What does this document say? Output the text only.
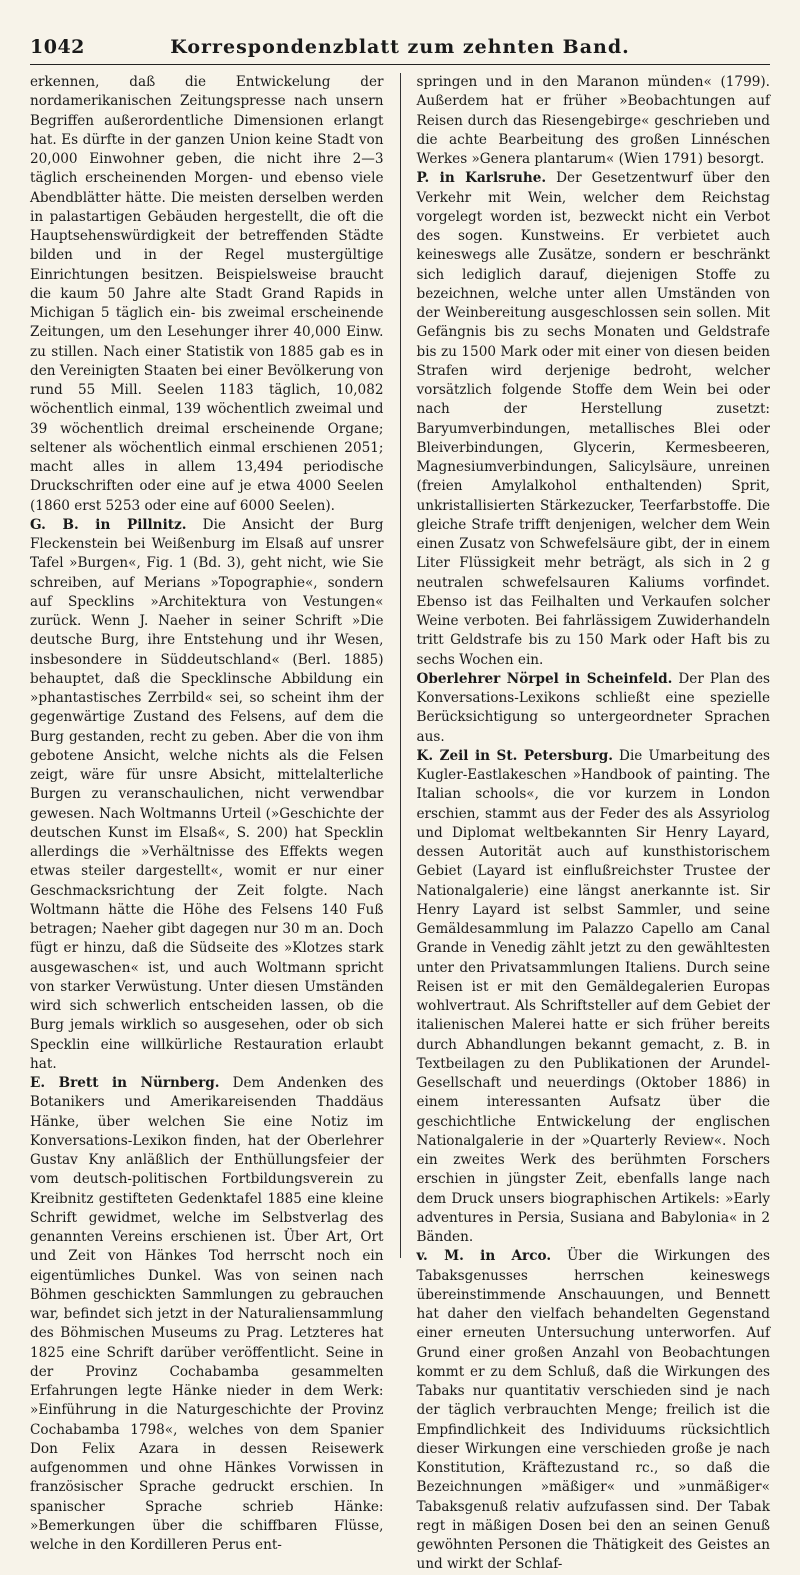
1042	Korrespondenzblatt zum zehnten Band.

erkennen, daß die Entwickelung der nordamerikanischen Zeitungspresse nach unsern Begriffen außerordentliche Dimensionen erlangt hat. Es dürfte in der ganzen Union keine Stadt von 20,000 Einwohner geben, die nicht ihre 2—3 täglich erscheinenden Morgen- und ebenso viele Abendblätter hätte. Die meisten derselben werden in palastartigen Gebäuden hergestellt, die oft die Hauptsehenswürdigkeit der betreffenden Städte bilden und in der Regel mustergültige Einrichtungen besitzen. Beispielsweise braucht die kaum 50 Jahre alte Stadt Grand Rapids in Michigan 5 täglich ein- bis zweimal erscheinende Zeitungen, um den Lesehunger ihrer 40,000 Einw. zu stillen. Nach einer Statistik von 1885 gab es in den Vereinigten Staaten bei einer Bevölkerung von rund 55 Mill. Seelen 1183 täglich, 10,082 wöchentlich einmal, 139 wöchentlich zweimal und 39 wöchentlich dreimal erscheinende Organe; seltener als wöchentlich einmal erschienen 2051; macht alles in allem 13,494 periodische Druckschriften oder eine auf je etwa 4000 Seelen (1860 erst 5253 oder eine auf 6000 Seelen).

G. B. in Pillnitz. Die Ansicht der Burg Fleckenstein bei Weißenburg im Elsaß auf unsrer Tafel »Burgen«, Fig. 1 (Bd. 3), geht nicht, wie Sie schreiben, auf Merians »Topographie«, sondern auf Specklins »Architektura von Vestungen« zurück. Wenn J. Naeher in seiner Schrift »Die deutsche Burg, ihre Entstehung und ihr Wesen, insbesondere in Süddeutschland« (Berl. 1885) behauptet, daß die Specklinsche Abbildung ein »phantastisches Zerrbild« sei, so scheint ihm der gegenwärtige Zustand des Felsens, auf dem die Burg gestanden, recht zu geben. Aber die von ihm gebotene Ansicht, welche nichts als die Felsen zeigt, wäre für unsre Absicht, mittelalterliche Burgen zu veranschaulichen, nicht verwendbar gewesen. Nach Woltmanns Urteil (»Geschichte der deutschen Kunst im Elsaß«, S. 200) hat Specklin allerdings die »Verhältnisse des Effekts wegen etwas steiler dargestellt«, womit er nur einer Geschmacksrichtung der Zeit folgte. Nach Woltmann hätte die Höhe des Felsens 140 Fuß betragen; Naeher gibt dagegen nur 30 m an. Doch fügt er hinzu, daß die Südseite des »Klotzes stark ausgewaschen« ist, und auch Woltmann spricht von starker Verwüstung. Unter diesen Umständen wird sich schwerlich entscheiden lassen, ob die Burg jemals wirklich so ausgesehen, oder ob sich Specklin eine willkürliche Restauration erlaubt hat.

E. Brett in Nürnberg. Dem Andenken des Botanikers und Amerikareisenden Thaddäus Hänke, über welchen Sie eine Notiz im Konversations-Lexikon finden, hat der Oberlehrer Gustav Kny anläßlich der Enthüllungsfeier der vom deutsch-politischen Fortbildungsverein zu Kreibnitz gestifteten Gedenktafel 1885 eine kleine Schrift gewidmet, welche im Selbstverlag des genannten Vereins erschienen ist. Über Art, Ort und Zeit von Hänkes Tod herrscht noch ein eigentümliches Dunkel. Was von seinen nach Böhmen geschickten Sammlungen zu gebrauchen war, befindet sich jetzt in der Naturaliensammlung des Böhmischen Museums zu Prag. Letzteres hat 1825 eine Schrift darüber veröffentlicht. Seine in der Provinz Cochabamba gesammelten Erfahrungen legte Hänke nieder in dem Werk: »Einführung in die Naturgeschichte der Provinz Cochabamba 1798«, welches von dem Spanier Don Felix Azara in dessen Reisewerk aufgenommen und ohne Hänkes Vorwissen in französischer Sprache gedruckt erschien. In spanischer Sprache schrieb Hänke: »Bemerkungen über die schiffbaren Flüsse, welche in den Kordilleren Perus ent-

springen und in den Maranon münden« (1799). Außerdem hat er früher »Beobachtungen auf Reisen durch das Riesengebirge« geschrieben und die achte Bearbeitung des großen Linnéschen Werkes »Genera plantarum« (Wien 1791) besorgt.

P. in Karlsruhe. Der Gesetzentwurf über den Verkehr mit Wein, welcher dem Reichstag vorgelegt worden ist, bezweckt nicht ein Verbot des sogen. Kunstweins. Er verbietet auch keineswegs alle Zusätze, sondern er beschränkt sich lediglich darauf, diejenigen Stoffe zu bezeichnen, welche unter allen Umständen von der Weinbereitung ausgeschlossen sein sollen. Mit Gefängnis bis zu sechs Monaten und Geldstrafe bis zu 1500 Mark oder mit einer von diesen beiden Strafen wird derjenige bedroht, welcher vorsätzlich folgende Stoffe dem Wein bei oder nach der Herstellung zusetzt: Baryumverbindungen, metallisches Blei oder Bleiverbindungen, Glycerin, Kermesbeeren, Magnesiumverbindungen, Salicylsäure, unreinen (freien Amylalkohol enthaltenden) Sprit, unkristallisierten Stärkezucker, Teerfarbstoffe. Die gleiche Strafe trifft denjenigen, welcher dem Wein einen Zusatz von Schwefelsäure gibt, der in einem Liter Flüssigkeit mehr beträgt, als sich in 2 g neutralen schwefelsauren Kaliums vorfindet. Ebenso ist das Feilhalten und Verkaufen solcher Weine verboten. Bei fahrlässigem Zuwiderhandeln tritt Geldstrafe bis zu 150 Mark oder Haft bis zu sechs Wochen ein.

Oberlehrer Nörpel in Scheinfeld. Der Plan des Konversations-Lexikons schließt eine spezielle Berücksichtigung so untergeordneter Sprachen aus.

K. Zeil in St. Petersburg. Die Umarbeitung des Kugler-Eastlakeschen »Handbook of painting. The Italian schools«, die vor kurzem in London erschien, stammt aus der Feder des als Assyriolog und Diplomat weltbekannten Sir Henry Layard, dessen Autorität auch auf kunsthistorischem Gebiet (Layard ist einflußreichster Trustee der Nationalgalerie) eine längst anerkannte ist. Sir Henry Layard ist selbst Sammler, und seine Gemäldesammlung im Palazzo Capello am Canal Grande in Venedig zählt jetzt zu den gewähltesten unter den Privatsammlungen Italiens. Durch seine Reisen ist er mit den Gemäldegalerien Europas wohlvertraut. Als Schriftsteller auf dem Gebiet der italienischen Malerei hatte er sich früher bereits durch Abhandlungen bekannt gemacht, z. B. in Textbeilagen zu den Publikationen der Arundel-Gesellschaft und neuerdings (Oktober 1886) in einem interessanten Aufsatz über die geschichtliche Entwickelung der englischen Nationalgalerie in der »Quarterly Review«. Noch ein zweites Werk des berühmten Forschers erschien in jüngster Zeit, ebenfalls lange nach dem Druck unsers biographischen Artikels: »Early adventures in Persia, Susiana and Babylonia« in 2 Bänden.

v. M. in Arco. Über die Wirkungen des Tabaksgenusses herrschen keineswegs übereinstimmende Anschauungen, und Bennett hat daher den vielfach behandelten Gegenstand einer erneuten Untersuchung unterworfen. Auf Grund einer großen Anzahl von Beobachtungen kommt er zu dem Schluß, daß die Wirkungen des Tabaks nur quantitativ verschieden sind je nach der täglich verbrauchten Menge; freilich ist die Empfindlichkeit des Individuums rücksichtlich dieser Wirkungen eine verschieden große je nach Konstitution, Kräftezustand rc., so daß die Bezeichnungen »mäßiger« und »unmäßiger« Tabaksgenuß relativ aufzufassen sind. Der Tabak regt in mäßigen Dosen bei den an seinen Genuß gewöhnten Personen die Thätigkeit des Geistes an und wirkt der Schlaf-
